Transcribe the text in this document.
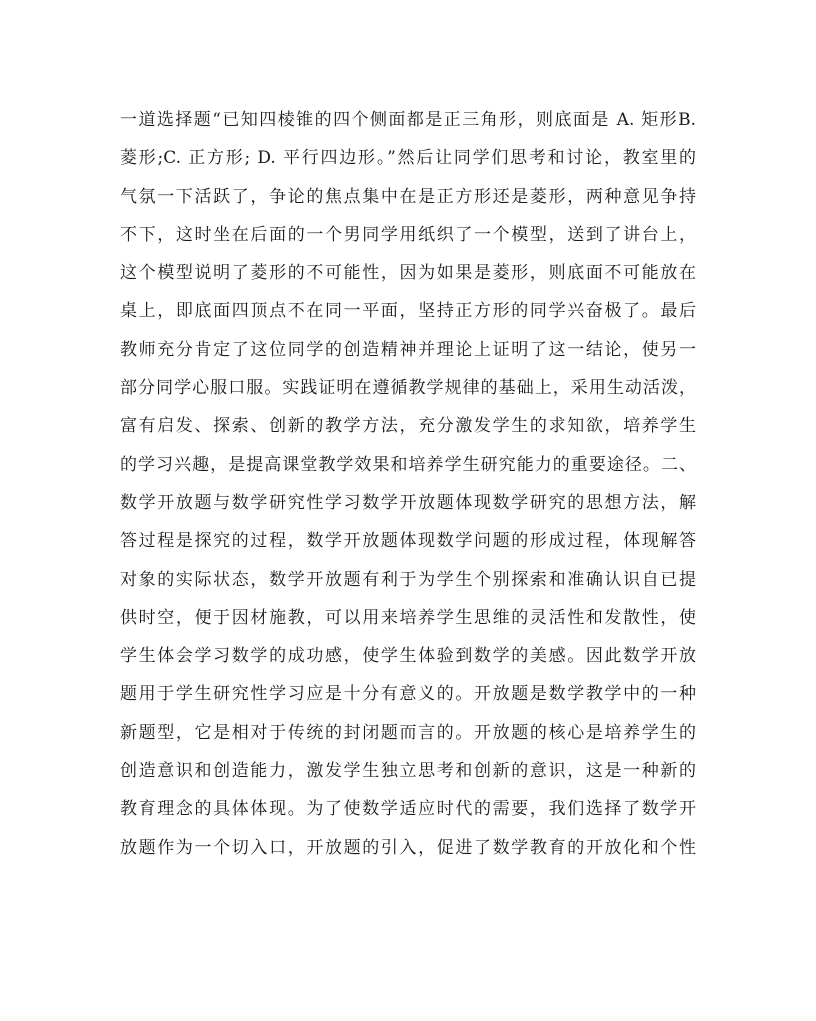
一道选择题“已知四棱锥的四个侧面都是正三角形，则底面是 A. 矩形B.
菱形;C. 正方形; D. 平行四边形。”然后让同学们思考和讨论，教室里的
气氛一下活跃了，争论的焦点集中在是正方形还是菱形，两种意见争持
不下，这时坐在后面的一个男同学用纸织了一个模型，送到了讲台上，
这个模型说明了菱形的不可能性，因为如果是菱形，则底面不可能放在
桌上，即底面四顶点不在同一平面，坚持正方形的同学兴奋极了。最后
教师充分肯定了这位同学的创造精神并理论上证明了这一结论，使另一
部分同学心服口服。实践证明在遵循教学规律的基础上，采用生动活泼，
富有启发、探索、创新的教学方法，充分激发学生的求知欲，培养学生
的学习兴趣，是提高课堂教学效果和培养学生研究能力的重要途径。二、
数学开放题与数学研究性学习数学开放题体现数学研究的思想方法，解
答过程是探究的过程，数学开放题体现数学问题的形成过程，体现解答
对象的实际状态，数学开放题有利于为学生个别探索和准确认识自已提
供时空，便于因材施教，可以用来培养学生思维的灵活性和发散性，使
学生体会学习数学的成功感，使学生体验到数学的美感。因此数学开放
题用于学生研究性学习应是十分有意义的。开放题是数学教学中的一种
新题型，它是相对于传统的封闭题而言的。开放题的核心是培养学生的
创造意识和创造能力，激发学生独立思考和创新的意识，这是一种新的
教育理念的具体体现。为了使数学适应时代的需要，我们选择了数学开
放题作为一个切入口，开放题的引入，促进了数学教育的开放化和个性
